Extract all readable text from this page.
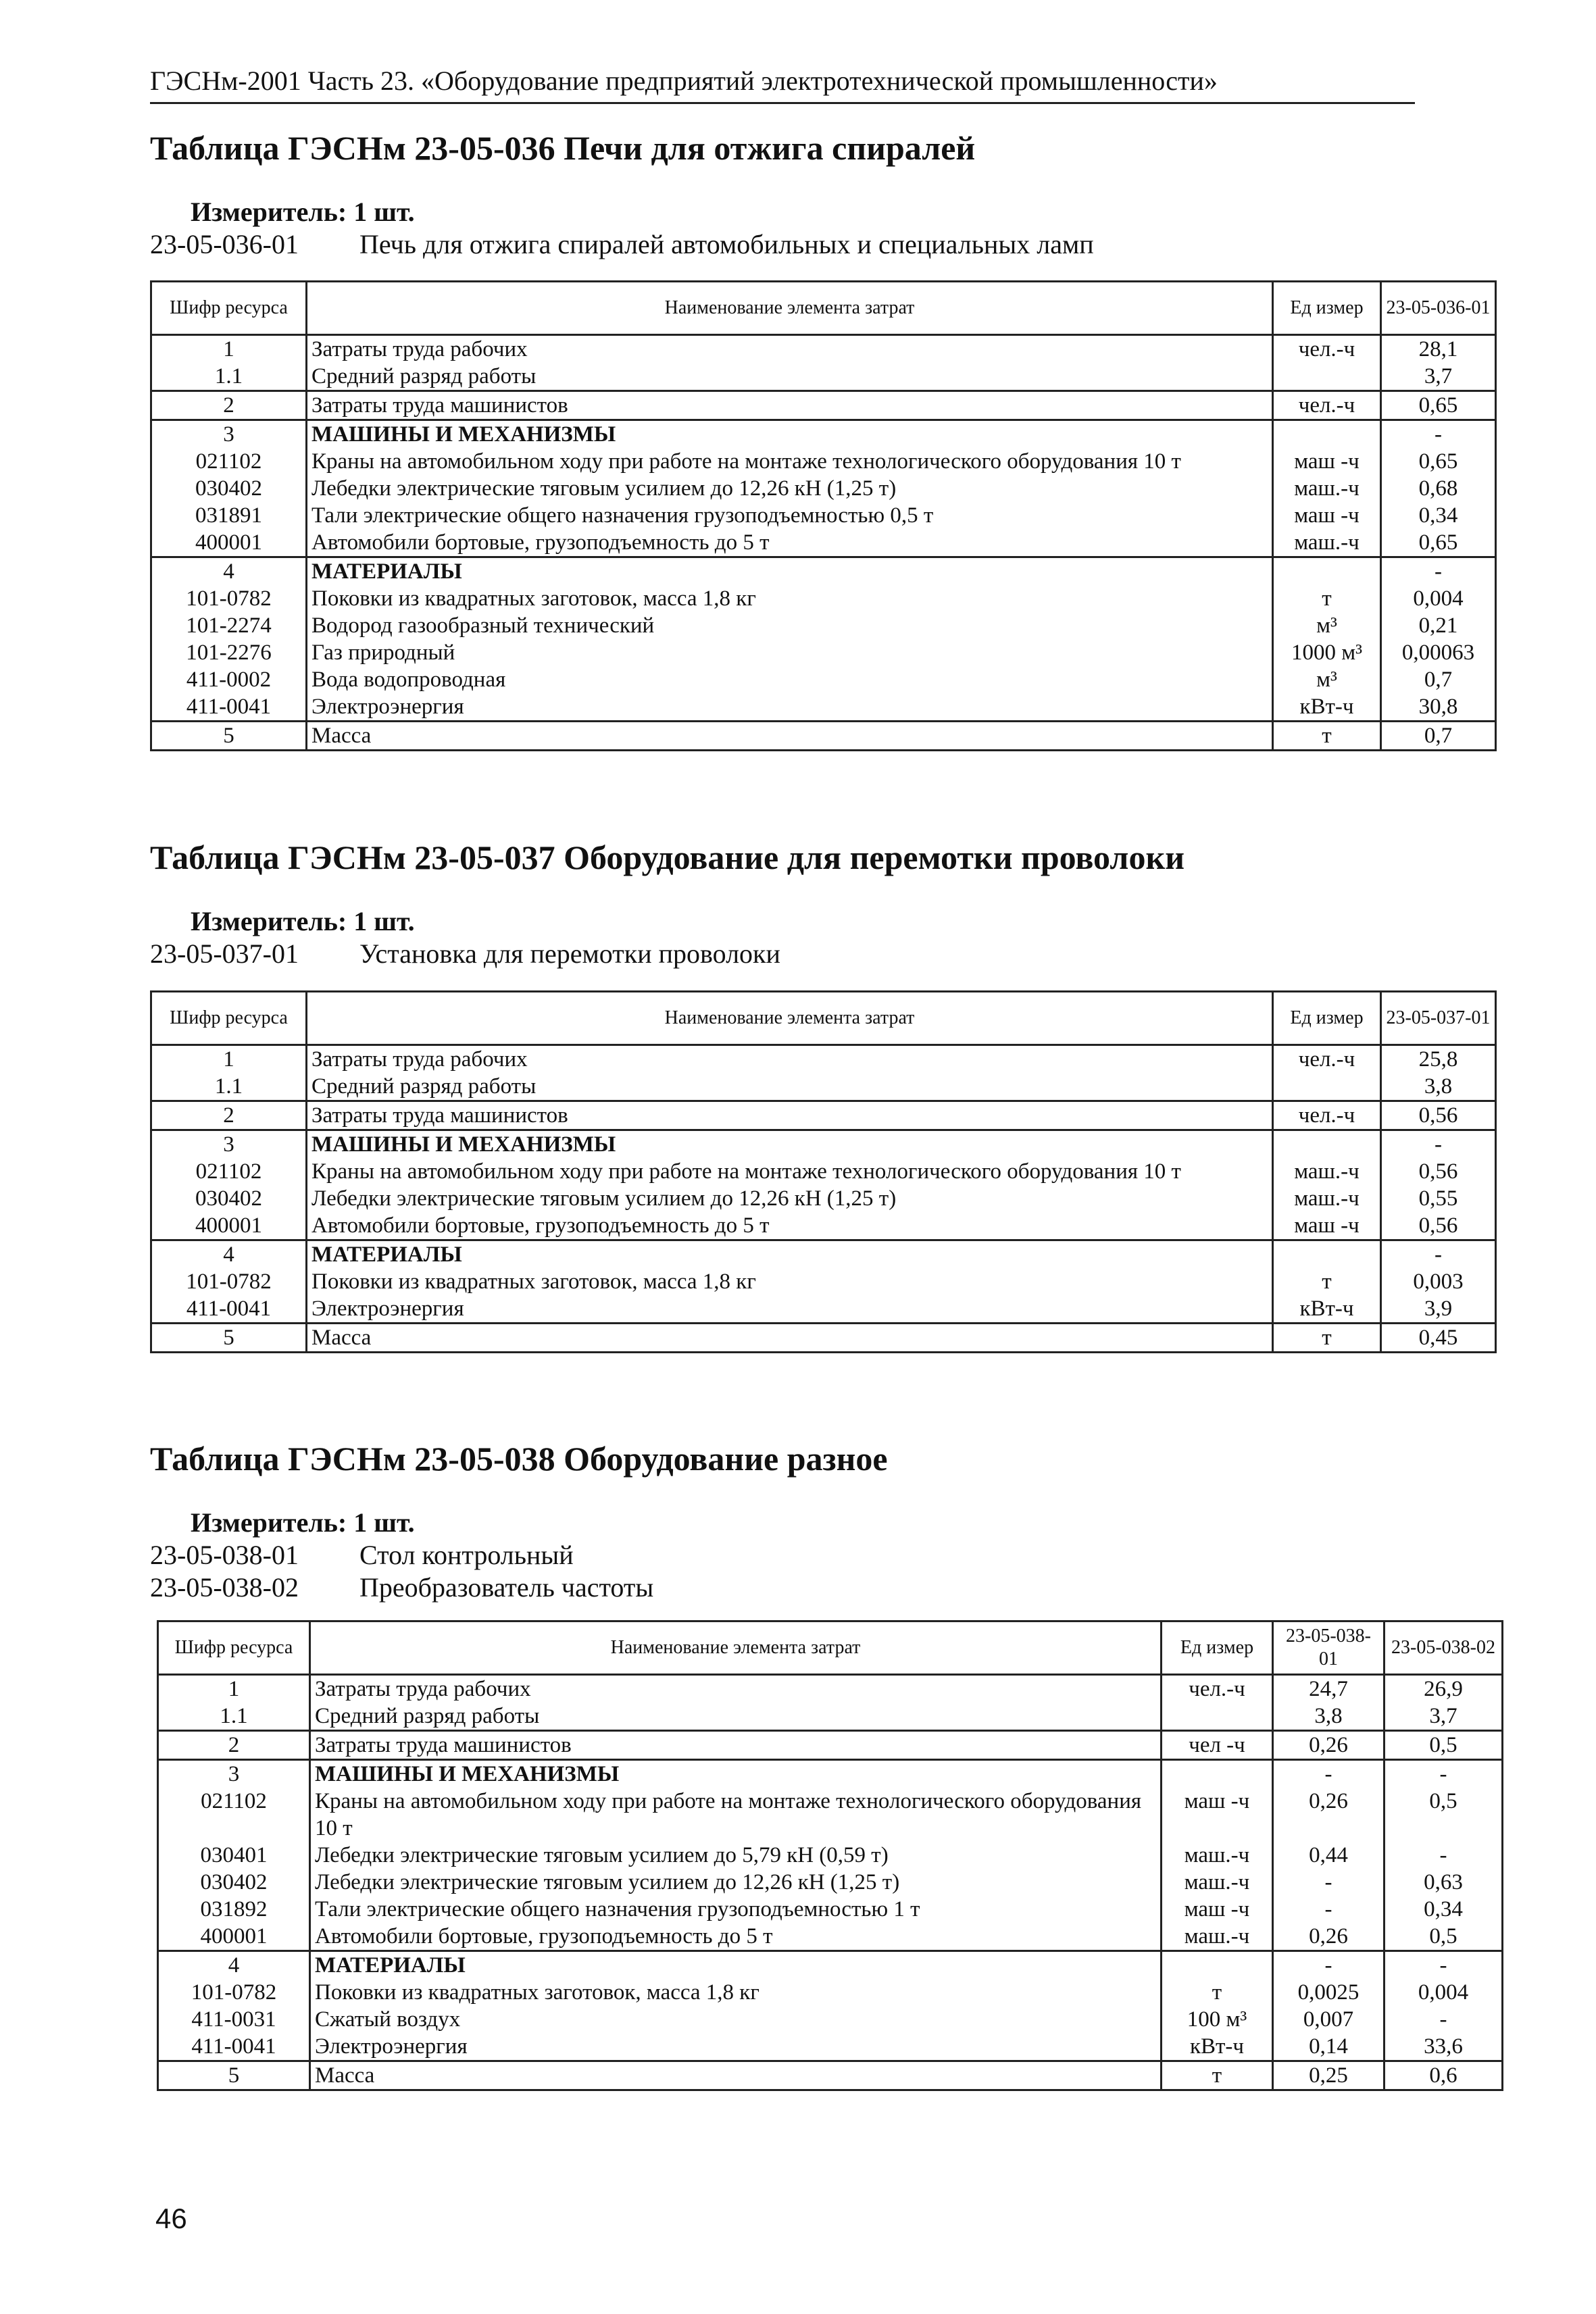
ГЭСНм-2001 Часть 23. «Оборудование предприятий электротехнической промышленности»
Таблица ГЭСНм 23-05-036 Печи для отжига спиралей
Измеритель: 1 шт.
23-05-036-01 Печь для отжига спиралей автомобильных и специальных ламп
Шифр ресурса	Наименование элемента затрат	Ед измер	23-05-036-01
1	Затраты труда рабочих	чел.-ч	28,1
1.1	Средний разряд работы		3,7
2	Затраты труда машинистов	чел.-ч	0,65
3	МАШИНЫ И МЕХАНИЗМЫ		-
021102	Краны на автомобильном ходу при работе на монтаже технологического оборудования 10 т	маш -ч	0,65
030402	Лебедки электрические тяговым усилием до 12,26 кН (1,25 т)	маш.-ч	0,68
031891	Тали электрические общего назначения грузоподъемностью 0,5 т	маш -ч	0,34
400001	Автомобили бортовые, грузоподъемность до 5 т	маш.-ч	0,65
4	МАТЕРИАЛЫ		-
101-0782	Поковки из квадратных заготовок, масса 1,8 кг	т	0,004
101-2274	Водород газообразный технический	м³	0,21
101-2276	Газ природный	1000 м³	0,00063
411-0002	Вода водопроводная	м³	0,7
411-0041	Электроэнергия	кВт-ч	30,8
5	Масса	т	0,7
Таблица ГЭСНм 23-05-037 Оборудование для перемотки проволоки
Измеритель: 1 шт.
23-05-037-01 Установка для перемотки проволоки
Шифр ресурса	Наименование элемента затрат	Ед измер	23-05-037-01
1	Затраты труда рабочих	чел.-ч	25,8
1.1	Средний разряд работы		3,8
2	Затраты труда машинистов	чел.-ч	0,56
3	МАШИНЫ И МЕХАНИЗМЫ		-
021102	Краны на автомобильном ходу при работе на монтаже технологического оборудования 10 т	маш.-ч	0,56
030402	Лебедки электрические тяговым усилием до 12,26 кН (1,25 т)	маш.-ч	0,55
400001	Автомобили бортовые, грузоподъемность до 5 т	маш -ч	0,56
4	МАТЕРИАЛЫ		-
101-0782	Поковки из квадратных заготовок, масса 1,8 кг	т	0,003
411-0041	Электроэнергия	кВт-ч	3,9
5	Масса	т	0,45
Таблица ГЭСНм 23-05-038 Оборудование разное
Измеритель: 1 шт.
23-05-038-01 Стол контрольный
23-05-038-02 Преобразователь частоты
Шифр ресурса	Наименование элемента затрат	Ед измер	23-05-038-01	23-05-038-02
1	Затраты труда рабочих	чел.-ч	24,7	26,9
1.1	Средний разряд работы		3,8	3,7
2	Затраты труда машинистов	чел -ч	0,26	0,5
3	МАШИНЫ И МЕХАНИЗМЫ		-	-
021102	Краны на автомобильном ходу при работе на монтаже технологического оборудования 10 т	маш -ч	0,26	0,5
030401	Лебедки электрические тяговым усилием до 5,79 кН (0,59 т)	маш.-ч	0,44	-
030402	Лебедки электрические тяговым усилием до 12,26 кН (1,25 т)	маш.-ч	-	0,63
031892	Тали электрические общего назначения грузоподъемностью 1 т	маш -ч	-	0,34
400001	Автомобили бортовые, грузоподъемность до 5 т	маш.-ч	0,26	0,5
4	МАТЕРИАЛЫ		-	-
101-0782	Поковки из квадратных заготовок, масса 1,8 кг	т	0,0025	0,004
411-0031	Сжатый воздух	100 м³	0,007	-
411-0041	Электроэнергия	кВт-ч	0,14	33,6
5	Масса	т	0,25	0,6
46
